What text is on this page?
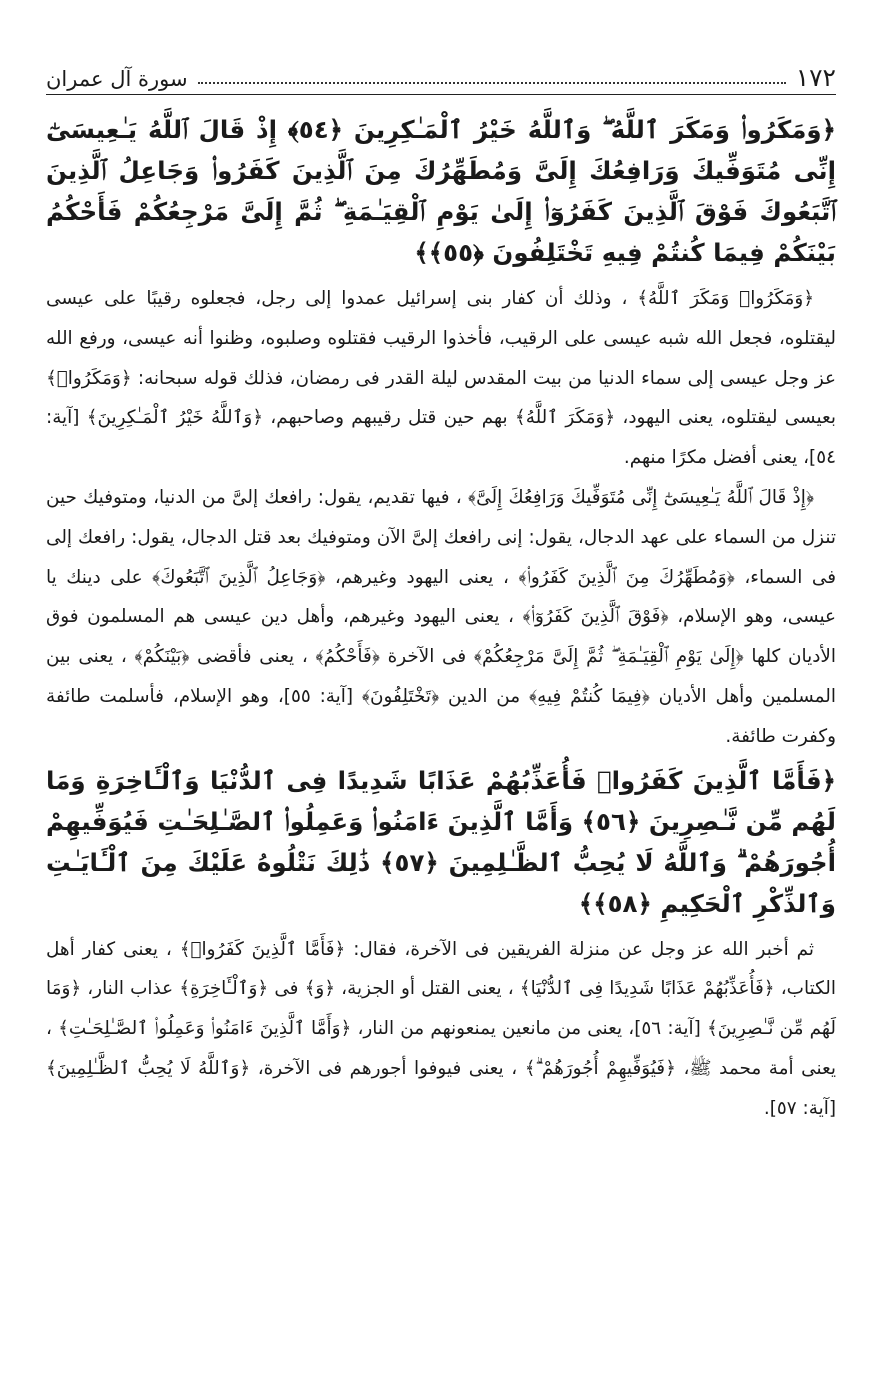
١٧٢
سورة آل عمران

﴿وَمَكَرُوا۟ وَمَكَرَ ٱللَّهُ ۖ وَٱللَّهُ خَيْرُ ٱلْمَـٰكِرِينَ ﴿٥٤﴾ إِذْ قَالَ ٱللَّهُ يَـٰعِيسَىٰٓ إِنِّى مُتَوَفِّيكَ وَرَافِعُكَ إِلَىَّ وَمُطَهِّرُكَ مِنَ ٱلَّذِينَ كَفَرُوا۟ وَجَاعِلُ ٱلَّذِينَ ٱتَّبَعُوكَ فَوْقَ ٱلَّذِينَ كَفَرُوٓا۟ إِلَىٰ يَوْمِ ٱلْقِيَـٰمَةِ ۖ ثُمَّ إِلَىَّ مَرْجِعُكُمْ فَأَحْكُمُ بَيْنَكُمْ فِيمَا كُنتُمْ فِيهِ تَخْتَلِفُونَ ﴿٥٥﴾﴾

﴿وَمَكَرُوا۟ وَمَكَرَ ٱللَّهُ﴾ ، وذلك أن كفار بنى إسرائيل عمدوا إلى رجل، فجعلوه رقيبًا على عيسى ليقتلوه، فجعل الله شبه عيسى على الرقيب، فأخذوا الرقيب فقتلوه وصلبوه، وظنوا أنه عيسى، ورفع الله عز وجل عيسى إلى سماء الدنيا من بيت المقدس ليلة القدر فى رمضان، فذلك قوله سبحانه: ﴿وَمَكَرُوا۟﴾ بعيسى ليقتلوه، يعنى اليهود، ﴿وَمَكَرَ ٱللَّهُ﴾ بهم حين قتل رقيبهم وصاحبهم، ﴿وَٱللَّهُ خَيْرُ ٱلْمَـٰكِرِينَ﴾ [آية: ٥٤]، يعنى أفضل مكرًا منهم.

﴿إِذْ قَالَ ٱللَّهُ يَـٰعِيسَىٰٓ إِنِّى مُتَوَفِّيكَ وَرَافِعُكَ إِلَىَّ﴾ ، فيها تقديم، يقول: رافعك إلىَّ من الدنيا، ومتوفيك حين تنزل من السماء على عهد الدجال، يقول: إنى رافعك إلىَّ الآن ومتوفيك بعد قتل الدجال، يقول: رافعك إلى فى السماء، ﴿وَمُطَهِّرُكَ مِنَ ٱلَّذِينَ كَفَرُوا۟﴾ ، يعنى اليهود وغيرهم، ﴿وَجَاعِلُ ٱلَّذِينَ ٱتَّبَعُوكَ﴾ على دينك يا عيسى، وهو الإسلام، ﴿فَوْقَ ٱلَّذِينَ كَفَرُوٓا۟﴾ ، يعنى اليهود وغيرهم، وأهل دين عيسى هم المسلمون فوق الأديان كلها ﴿إِلَىٰ يَوْمِ ٱلْقِيَـٰمَةِ ۖ ثُمَّ إِلَىَّ مَرْجِعُكُمْ﴾ فى الآخرة ﴿فَأَحْكُمُ﴾ ، يعنى فأقضى ﴿بَيْنَكُمْ﴾ ، يعنى بين المسلمين وأهل الأديان ﴿فِيمَا كُنتُمْ فِيهِ﴾ من الدين ﴿تَخْتَلِفُونَ﴾ [آية: ٥٥]، وهو الإسلام، فأسلمت طائفة وكفرت طائفة.

﴿فَأَمَّا ٱلَّذِينَ كَفَرُوا۟ فَأُعَذِّبُهُمْ عَذَابًا شَدِيدًا فِى ٱلدُّنْيَا وَٱلْـَٔاخِرَةِ وَمَا لَهُم مِّن نَّـٰصِرِينَ ﴿٥٦﴾ وَأَمَّا ٱلَّذِينَ ءَامَنُوا۟ وَعَمِلُوا۟ ٱلصَّـٰلِحَـٰتِ فَيُوَفِّيهِمْ أُجُورَهُمْ ۗ وَٱللَّهُ لَا يُحِبُّ ٱلظَّـٰلِمِينَ ﴿٥٧﴾ ذَٰلِكَ نَتْلُوهُ عَلَيْكَ مِنَ ٱلْـَٔايَـٰتِ وَٱلذِّكْرِ ٱلْحَكِيمِ ﴿٥٨﴾﴾

ثم أخبر الله عز وجل عن منزلة الفريقين فى الآخرة، فقال: ﴿فَأَمَّا ٱلَّذِينَ كَفَرُوا۟﴾ ، يعنى كفار أهل الكتاب، ﴿فَأُعَذِّبُهُمْ عَذَابًا شَدِيدًا فِى ٱلدُّنْيَا﴾ ، يعنى القتل أو الجزية، ﴿وَ﴾ فى ﴿وَٱلْـَٔاخِرَةِ﴾ عذاب النار، ﴿وَمَا لَهُم مِّن نَّـٰصِرِينَ﴾ [آية: ٥٦]، يعنى من مانعين يمنعونهم من النار، ﴿وَأَمَّا ٱلَّذِينَ ءَامَنُوا۟ وَعَمِلُوا۟ ٱلصَّـٰلِحَـٰتِ﴾ ، يعنى أمة محمد ﷺ، ﴿فَيُوَفِّيهِمْ أُجُورَهُمْ ۗ﴾ ، يعنى فيوفوا أجورهم فى الآخرة، ﴿وَٱللَّهُ لَا يُحِبُّ ٱلظَّـٰلِمِينَ﴾ [آية: ٥٧].
